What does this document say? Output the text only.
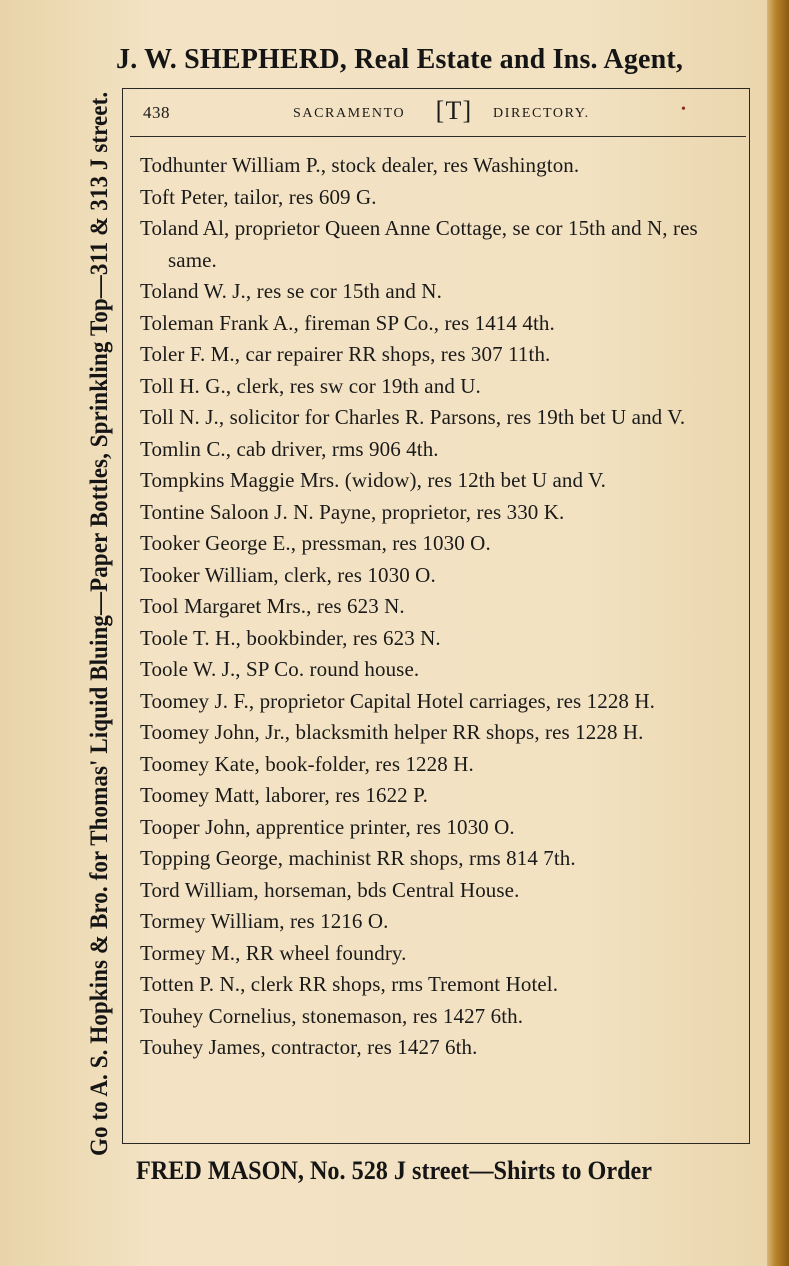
J. W. SHEPHERD, Real Estate and Ins. Agent,
Go to A. S. Hopkins & Bro. for Thomas' Liquid Bluing—Paper Bottles, Sprinkling Top—311 & 313 J street. 438	SACRAMENTO	[T]	DIRECTORY.	•
Todhunter William P., stock dealer, res Washington.
Toft Peter, tailor, res 609 G.
Toland Al, proprietor Queen Anne Cottage, se cor 15th and N, res same.
Toland W. J., res se cor 15th and N.
Toleman Frank A., fireman SP Co., res 1414 4th.
Toler F. M., car repairer RR shops, res 307 11th.
Toll H. G., clerk, res sw cor 19th and U.
Toll N. J., solicitor for Charles R. Parsons, res 19th bet U and V.
Tomlin C., cab driver, rms 906 4th.
Tompkins Maggie Mrs. (widow), res 12th bet U and V.
Tontine Saloon J. N. Payne, proprietor, res 330 K.
Tooker George E., pressman, res 1030 O.
Tooker William, clerk, res 1030 O.
Tool Margaret Mrs., res 623 N.
Toole T. H., bookbinder, res 623 N.
Toole W. J., SP Co. round house.
Toomey J. F., proprietor Capital Hotel carriages, res 1228 H.
Toomey John, Jr., blacksmith helper RR shops, res 1228 H.
Toomey Kate, book-folder, res 1228 H.
Toomey Matt, laborer, res 1622 P.
Tooper John, apprentice printer, res 1030 O.
Topping George, machinist RR shops, rms 814 7th.
Tord William, horseman, bds Central House.
Tormey William, res 1216 O.
Tormey M., RR wheel foundry.
Totten P. N., clerk RR shops, rms Tremont Hotel.
Touhey Cornelius, stonemason, res 1427 6th.
Touhey James, contractor, res 1427 6th.
FRED MASON, No. 528 J street—Shirts to Order
